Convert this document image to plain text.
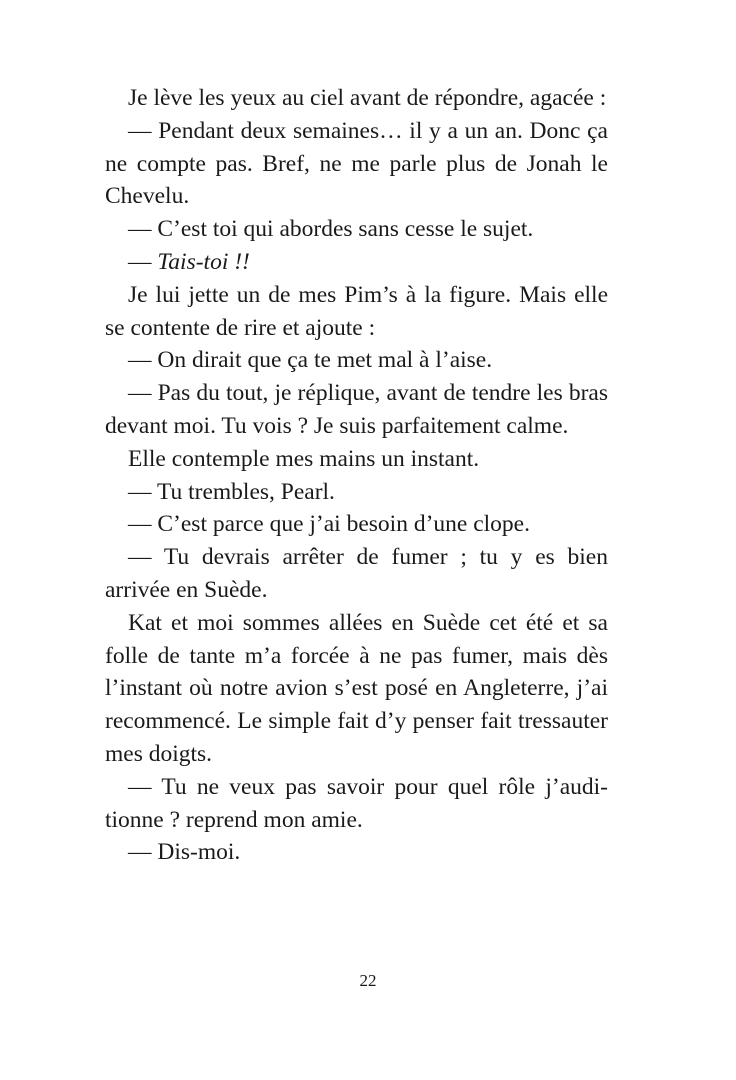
Je lève les yeux au ciel avant de répondre, agacée :

— Pendant deux semaines… il y a un an. Donc ça ne compte pas. Bref, ne me parle plus de Jonah le Chevelu.

— C’est toi qui abordes sans cesse le sujet.

— Tais-toi !!

Je lui jette un de mes Pim’s à la figure. Mais elle se contente de rire et ajoute :

— On dirait que ça te met mal à l’aise.

— Pas du tout, je réplique, avant de tendre les bras devant moi. Tu vois ? Je suis parfaitement calme.

Elle contemple mes mains un instant.

— Tu trembles, Pearl.

— C’est parce que j’ai besoin d’une clope.

— Tu devrais arrêter de fumer ; tu y es bien arrivée en Suède.

Kat et moi sommes allées en Suède cet été et sa folle de tante m’a forcée à ne pas fumer, mais dès l’instant où notre avion s’est posé en Angleterre, j’ai recommencé. Le simple fait d’y penser fait tressauter mes doigts.

— Tu ne veux pas savoir pour quel rôle j’auditionne ? reprend mon amie.

— Dis-moi.

22
